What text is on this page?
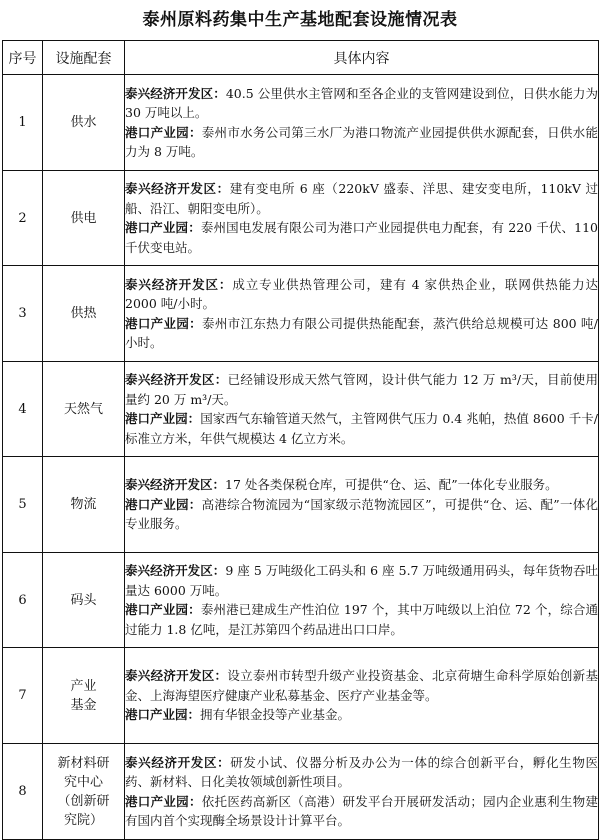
泰州原料药集中生产基地配套设施情况表
序号	设施配套	具体内容
1	供水	泰兴经济开发区：40.5 公里供水主管网和至各企业的支管网建设到位，日供水能力为 30 万吨以上。
港口产业园：泰州市水务公司第三水厂为港口物流产业园提供供水源配套，日供水能力为 8 万吨。

2	供电	泰兴经济开发区：建有变电所 6 座（220kV 盛泰、洋思、建安变电所，110kV 过船、沿江、朝阳变电所）。
港口产业园：泰州国电发展有限公司为港口产业园提供电力配套，有 220 千伏、110 千伏变电站。

3	供热	泰兴经济开发区：成立专业供热管理公司，建有 4 家供热企业，联网供热能力达 2000 吨/小时。
港口产业园：泰州市江东热力有限公司提供热能配套，蒸汽供给总规模可达 800 吨/小时。

4	天然气	泰兴经济开发区：已经铺设形成天然气管网，设计供气能力 12 万 m³/天，目前使用量约 20 万 m³/天。
港口产业园：国家西气东输管道天然气，主管网供气压力 0.4 兆帕，热值 8600 千卡/标准立方米，年供气规模达 4 亿立方米。

5	物流	泰兴经济开发区：17 处各类保税仓库，可提供“仓、运、配”一体化专业服务。
港口产业园：高港综合物流园为“国家级示范物流园区”，可提供“仓、运、配”一体化专业服务。

6	码头	泰兴经济开发区：9 座 5 万吨级化工码头和 6 座 5.7 万吨级通用码头，每年货物吞吐量达 6000 万吨。
港口产业园：泰州港已建成生产性泊位 197 个，其中万吨级以上泊位 72 个，综合通过能力 1.8 亿吨，是江苏第四个药品进出口口岸。

7	产业
基金	泰兴经济开发区：设立泰州市转型升级产业投资基金、北京荷塘生命科学原始创新基金、上海海望医疗健康产业私募基金、医疗产业基金等。
港口产业园：拥有华银金投等产业基金。

8	新材料研
究中心
（创新研
究院）	泰兴经济开发区：研发小试、仪器分析及办公为一体的综合创新平台，孵化生物医药、新材料、日化美妆领域创新性项目。
港口产业园：依托医药高新区（高港）研发平台开展研发活动；园内企业惠利生物建有国内首个实现酶全场景设计计算平台。
